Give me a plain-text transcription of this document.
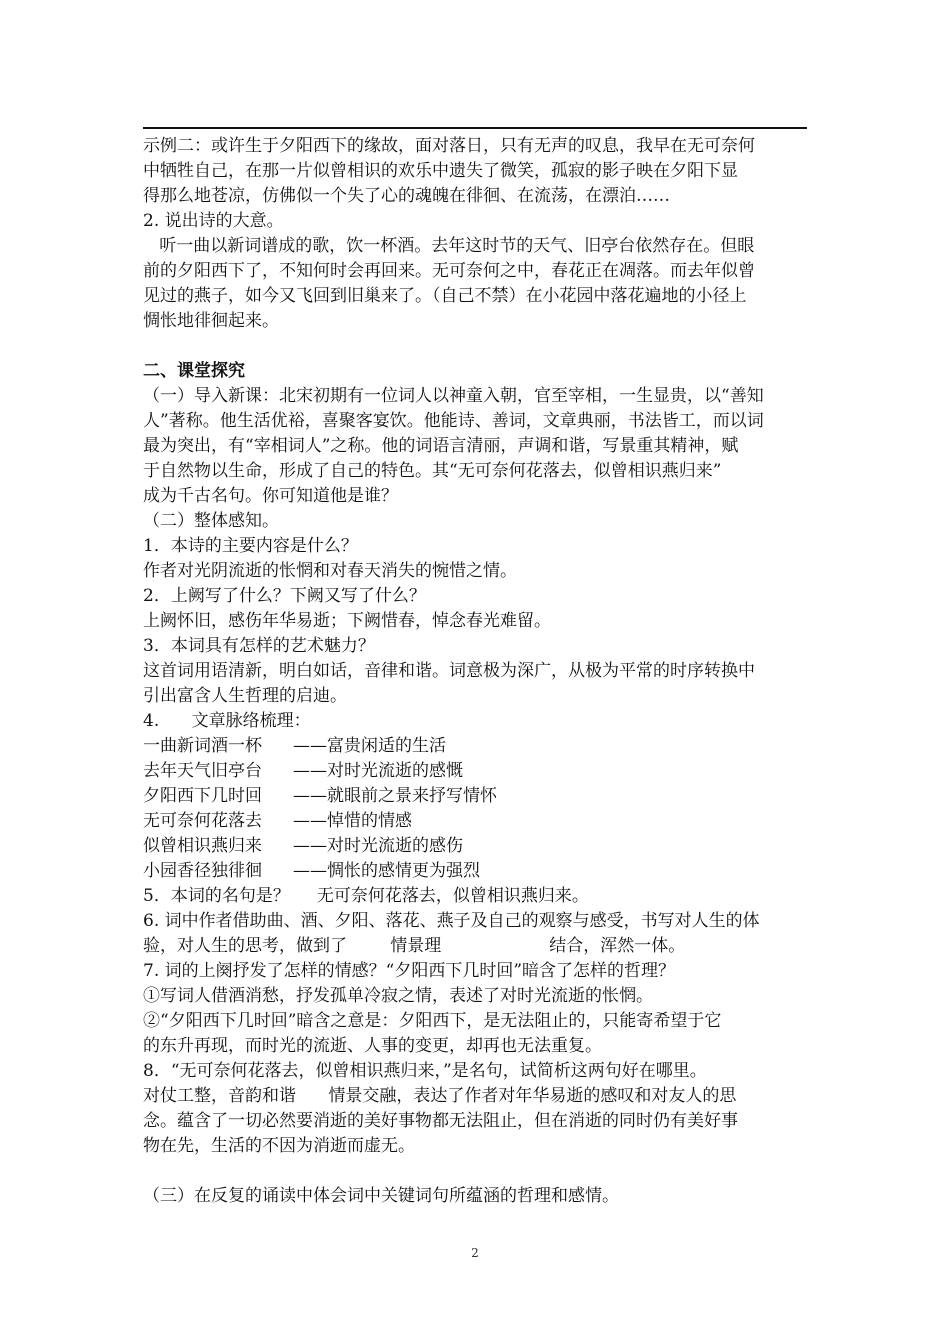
示例二：或许生于夕阳西下的缘故，面对落日，只有无声的叹息，我早在无可奈何
中牺牲自己，在那一片似曾相识的欢乐中遗失了微笑，孤寂的影子映在夕阳下显
得那么地苍凉，仿佛似一个失了心的魂魄在徘徊、在流荡，在漂泊……
2. 说出诗的大意。
听一曲以新词谱成的歌，饮一杯酒。去年这时节的天气、旧亭台依然存在。但眼
前的夕阳西下了，不知何时会再回来。无可奈何之中，春花正在凋落。而去年似曾
见过的燕子，如今又飞回到旧巢来了。（自己不禁）在小花园中落花遍地的小径上
惆怅地徘徊起来。
二、课堂探究
（一）导入新课：北宋初期有一位词人以神童入朝，官至宰相，一生显贵，以“善知
人”著称。他生活优裕，喜聚客宴饮。他能诗、善词，文章典丽，书法皆工，而以词
最为突出，有“宰相词人”之称。他的词语言清丽，声调和谐，写景重其精神，赋
于自然物以生命，形成了自己的特色。其“无可奈何花落去，似曾相识燕归来”
成为千古名句。你可知道他是谁？
（二）整体感知。
1．本诗的主要内容是什么？
作者对光阴流逝的怅惘和对春天消失的惋惜之情。
2．上阙写了什么？下阙又写了什么？
上阙怀旧，感伤年华易逝；下阙惜春，悼念春光难留。
3．本词具有怎样的艺术魅力？
这首词用语清新，明白如话，音律和谐。词意极为深广，从极为平常的时序转换中
引出富含人生哲理的启迪。
4.      文章脉络梳理：
一曲新词酒一杯	——富贵闲适的生活
去年天气旧亭台	——对时光流逝的感慨
夕阳西下几时回	——就眼前之景来抒写情怀
无可奈何花落去	——悼惜的情感
似曾相识燕归来	——对时光流逝的感伤
小园香径独徘徊	——惆怅的感情更为强烈
5．本词的名句是？     无可奈何花落去，似曾相识燕归来。
6. 词中作者借助曲、酒、夕阳、落花、燕子及自己的观察与感受，书写对人生的体
验，对人生的思考，做到了        情景理                    结合，浑然一体。
7. 词的上阕抒发了怎样的情感？“夕阳西下几时回”暗含了怎样的哲理？
①写词人借酒消愁，抒发孤单冷寂之情，表述了对时光流逝的怅惘。
②“夕阳西下几时回”暗含之意是：夕阳西下，是无法阻止的，只能寄希望于它
的东升再现，而时光的流逝、人事的变更，却再也无法重复。
8．“无可奈何花落去，似曾相识燕归来，”是名句，试简析这两句好在哪里。
对仗工整，音韵和谐      情景交融，表达了作者对年华易逝的感叹和对友人的思
念。蕴含了一切必然要消逝的美好事物都无法阻止，但在消逝的同时仍有美好事
物在先，生活的不因为消逝而虚无。
（三）在反复的诵读中体会词中关键词句所蕴涵的哲理和感情。
2
